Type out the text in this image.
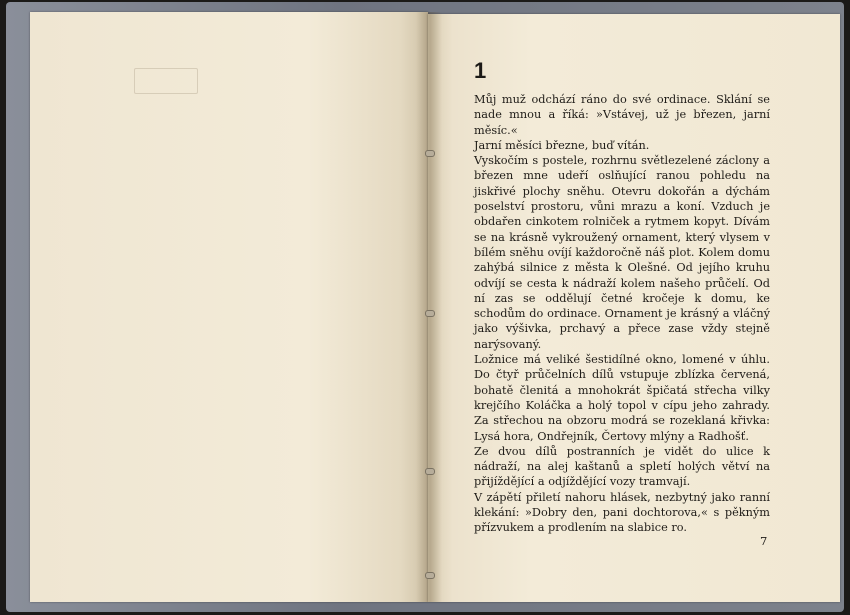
1

Můj muž odchází ráno do své ordinace. Sklání se nade mnou a říká: »Vstávej, už je březen, jarní měsíc.«

Jarní měsíci březne, buď vítán.

Vyskočím s postele, rozhrnu světlezelené záclony a březen mne udeří oslňující ranou pohledu na jiskřivé plochy sněhu. Otevru dokořán a dýchám poselství prostoru, vůni mrazu a koní. Vzduch je obdařen cinkotem rolniček a rytmem kopyt. Dívám se na krásně vykroužený ornament, který vlysem v bílém sněhu ovíjí každoročně náš plot. Kolem domu zahýbá silnice z města k Olešné. Od jejího kruhu odvíjí se cesta k nádraží kolem našeho průčelí. Od ní zas se oddělují četné kročeje k domu, ke schodům do ordinace. Ornament je krásný a vláčný jako výšivka, prchavý a přece zase vždy stejně narýsovaný.

Ložnice má veliké šestidílné okno, lomené v úhlu. Do čtyř průčelních dílů vstupuje zblízka červená, bohatě členitá a mnohokrát špičatá střecha vilky krejčího Koláčka a holý topol v cípu jeho zahrady. Za střechou na obzoru modrá se rozeklaná křivka: Lysá hora, Ondřejník, Čertovy mlýny a Radhošť.

Ze dvou dílů postranních je vidět do ulice k nádraží, na alej kaštanů a spletí holých větví na přijíždějící a odjíždějící vozy tramvají.

V zápětí přiletí nahoru hlásek, nezbytný jako ranní klekání: »Dobry den, pani dochtorova,« s pěkným přízvukem a prodlením na slabice ro.

7
